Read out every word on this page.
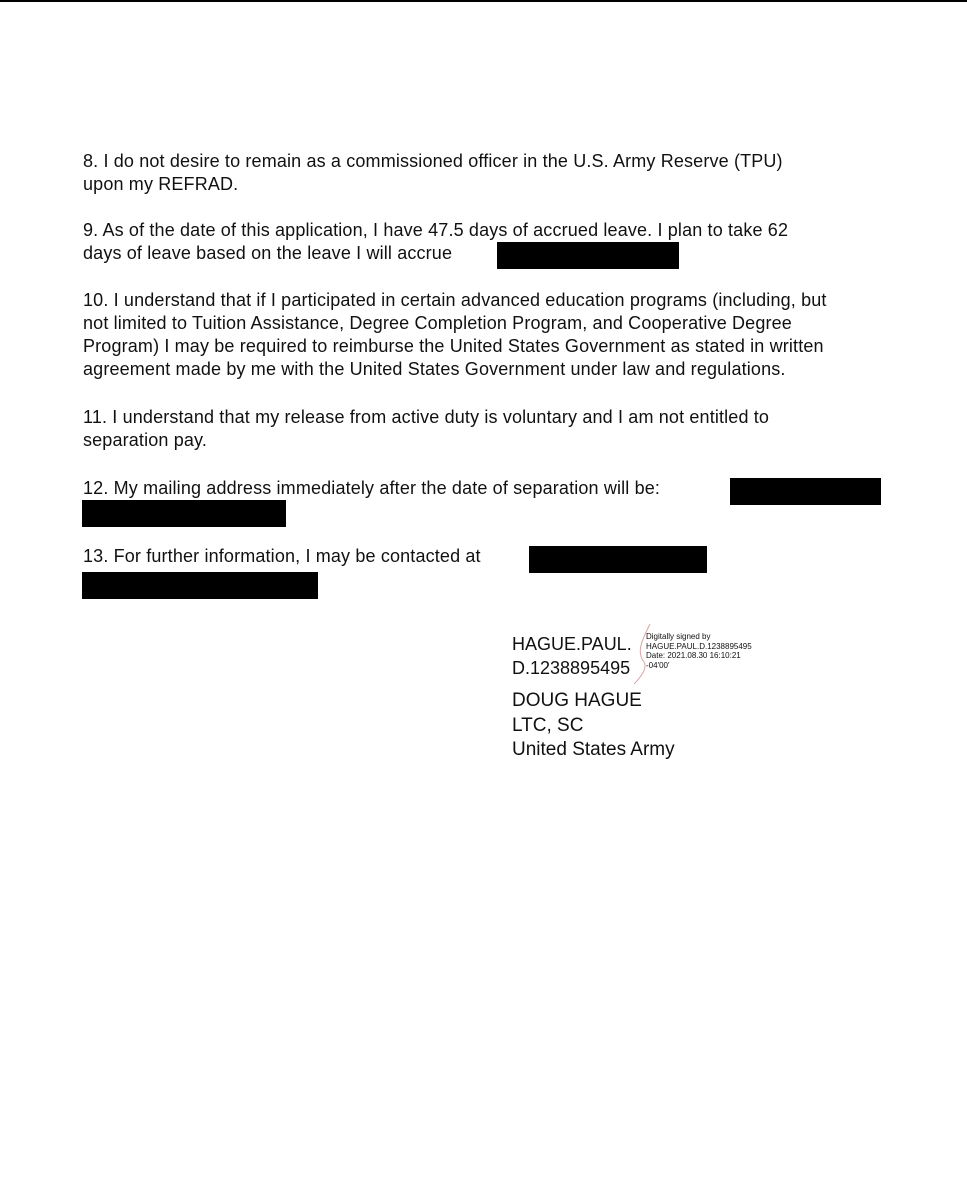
8. I do not desire to remain as a commissioned officer in the U.S. Army Reserve (TPU)
upon my REFRAD.
9. As of the date of this application, I have 47.5 days of accrued leave. I plan to take 62
days of leave based on the leave I will accrue
10. I understand that if I participated in certain advanced education programs (including, but
not limited to Tuition Assistance, Degree Completion Program, and Cooperative Degree
Program) I may be required to reimburse the United States Government as stated in written
agreement made by me with the United States Government under law and regulations.
11. I understand that my release from active duty is voluntary and I am not entitled to
separation pay.
12. My mailing address immediately after the date of separation will be:
13. For further information, I may be contacted at
HAGUE.PAUL.
D.1238895495
Digitally signed by
HAGUE.PAUL.D.1238895495
Date: 2021.08.30 16:10:21
-04'00'
DOUG HAGUE
LTC, SC
United States Army
